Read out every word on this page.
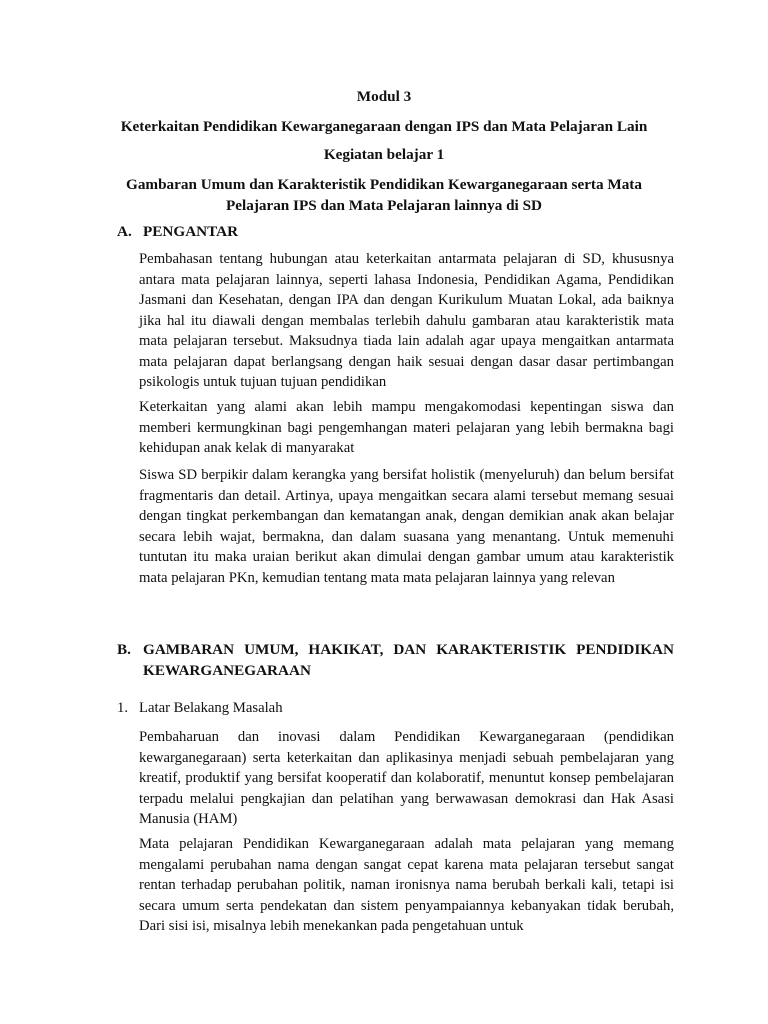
Modul 3

Keterkaitan Pendidikan Kewarganegaraan dengan IPS dan Mata Pelajaran Lain

Kegiatan belajar 1

Gambaran Umum dan Karakteristik Pendidikan Kewarganegaraan serta Mata Pelajaran IPS dan Mata Pelajaran lainnya di SD

A. PENGANTAR

Pembahasan tentang hubungan atau keterkaitan antarmata pelajaran di SD, khususnya antara mata pelajaran lainnya, seperti lahasa Indonesia, Pendidikan Agama, Pendidikan Jasmani dan Kesehatan, dengan IPA dan dengan Kurikulum Muatan Lokal, ada baiknya jika hal itu diawali dengan membalas terlebih dahulu gambaran atau karakteristik mata mata pelajaran tersebut. Maksudnya tiada lain adalah agar upaya mengaitkan antarmata mata pelajaran dapat berlangsang dengan haik sesuai dengan dasar dasar pertimbangan psikologis untuk tujuan tujuan pendidikan

Keterkaitan yang alami akan lebih mampu mengakomodasi kepentingan siswa dan memberi kermungkinan bagi pengemhangan materi pelajaran yang lebih bermakna bagi kehidupan anak kelak di manyarakat

Siswa SD berpikir dalam kerangka yang bersifat holistik (menyeluruh) dan belum bersifat fragmentaris dan detail. Artinya, upaya mengaitkan secara alami tersebut memang sesuai dengan tingkat perkembangan dan kematangan anak, dengan demikian anak akan belajar secara lebih wajat, bermakna, dan dalam suasana yang menantang. Untuk memenuhi tuntutan itu maka uraian berikut akan dimulai dengan gambar umum atau karakteristik mata pelajaran PKn, kemudian tentang mata mata pelajaran lainnya yang relevan

B. GAMBARAN UMUM, HAKIKAT, DAN KARAKTERISTIK PENDIDIKAN KEWARGANEGARAAN
1. Latar Belakang Masalah

Pembaharuan dan inovasi dalam Pendidikan Kewarganegaraan (pendidikan kewarganegaraan) serta keterkaitan dan aplikasinya menjadi sebuah pembelajaran yang kreatif, produktif yang bersifat kooperatif dan kolaboratif, menuntut konsep pembelajaran terpadu melalui pengkajian dan pelatihan yang berwawasan demokrasi dan Hak Asasi Manusia (HAM)

Mata pelajaran Pendidikan Kewarganegaraan adalah mata pelajaran yang memang mengalami perubahan nama dengan sangat cepat karena mata pelajaran tersebut sangat rentan terhadap perubahan politik, naman ironisnya nama berubah berkali kali, tetapi isi secara umum serta pendekatan dan sistem penyampaiannya kebanyakan tidak berubah, Dari sisi isi, misalnya lebih menekankan pada pengetahuan untuk
